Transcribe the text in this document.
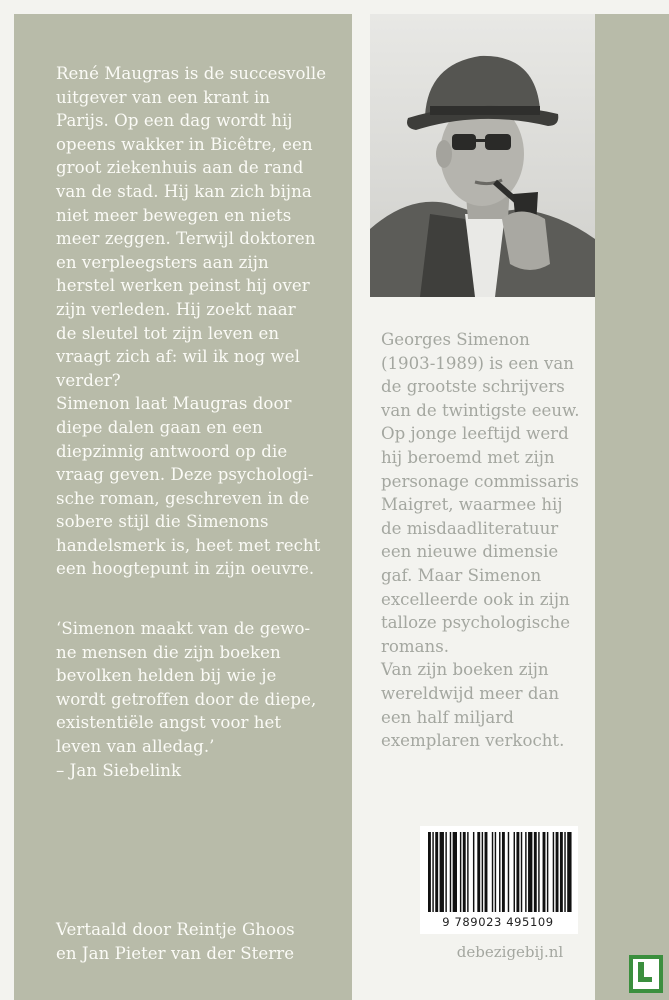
René Maugras is de succesvolle
uitgever van een krant in
Parijs. Op een dag wordt hij
opeens wakker in Bicêtre, een
groot ziekenhuis aan de rand
van de stad. Hij kan zich bijna
niet meer bewegen en niets
meer zeggen. Terwijl doktoren
en verpleegsters aan zijn
herstel werken peinst hij over
zijn verleden. Hij zoekt naar
de sleutel tot zijn leven en
vraagt zich af: wil ik nog wel
verder?
Simenon laat Maugras door
diepe dalen gaan en een
diepzinnig antwoord op die
vraag geven. Deze psychologi-
sche roman, geschreven in de
sobere stijl die Simenons
handelsmerk is, heet met recht
een hoogtepunt in zijn oeuvre.
‘Simenon maakt van de gewo-
ne mensen die zijn boeken
bevolken helden bij wie je
wordt getroffen door de diepe,
existentiële angst voor het
leven van alledag.’
– Jan Siebelink
Vertaald door Reintje Ghoos
en Jan Pieter van der Sterre
Georges Simenon
(1903-1989) is een van
de grootste schrijvers
van de twintigste eeuw.
Op jonge leeftijd werd
hij beroemd met zijn
personage commissaris
Maigret, waarmee hij
de misdaadliteratuur
een nieuwe dimensie
gaf. Maar Simenon
excelleerde ook in zijn
talloze psychologische
romans.
Van zijn boeken zijn
wereldwijd meer dan
een half miljard
exemplaren verkocht.
9 789023 495109
debezigebij.nl
